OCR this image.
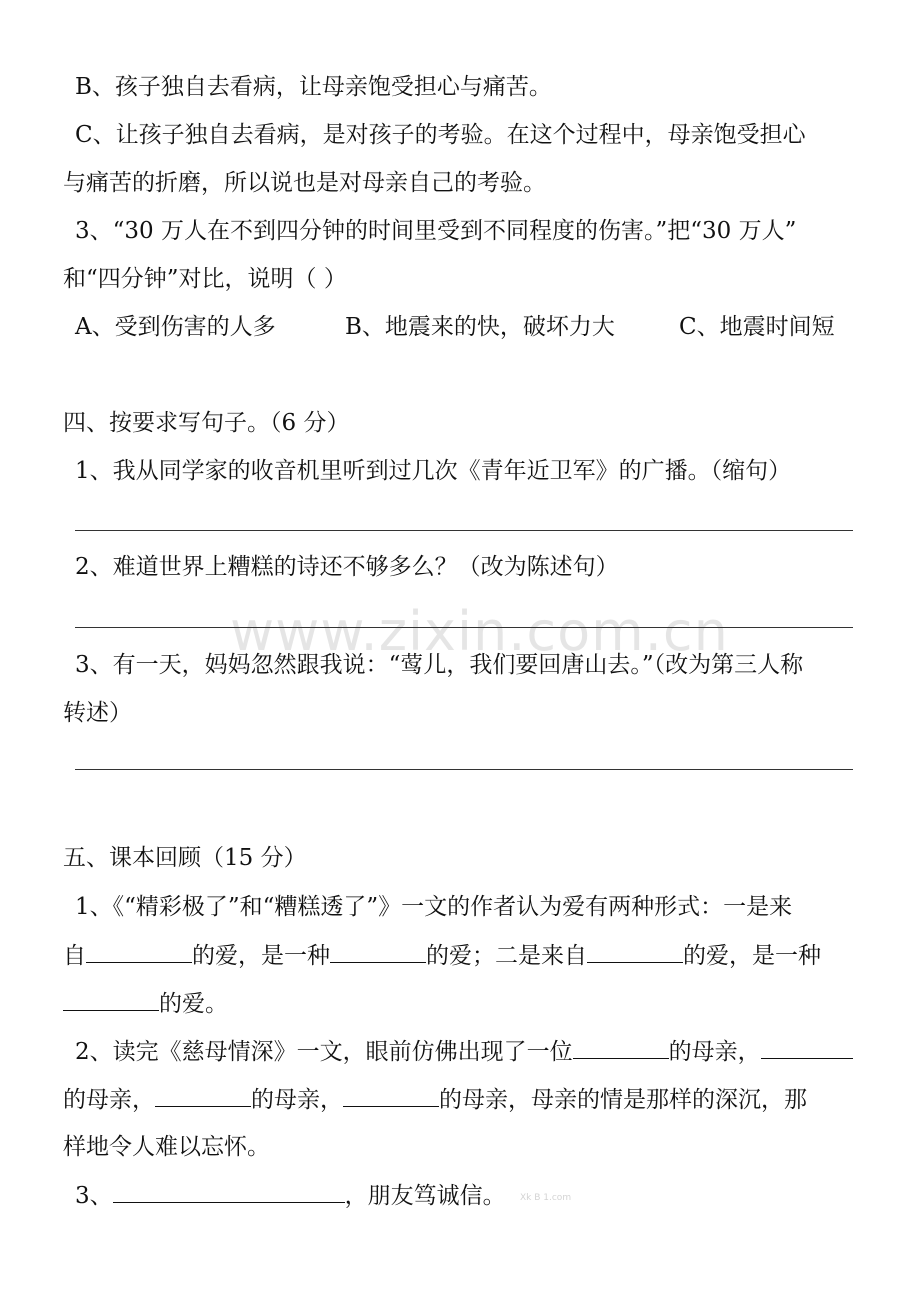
www.zixin.com.cn
B、孩子独自去看病，让母亲饱受担心与痛苦。
C、让孩子独自去看病，是对孩子的考验。在这个过程中，母亲饱受担心
与痛苦的折磨，所以说也是对母亲自己的考验。
3、“30 万人在不到四分钟的时间里受到不同程度的伤害。”把“30 万人”
和“四分钟”对比，说明（ ）
A、受到伤害的人多	B、地震来的快，破坏力大	C、地震时间短
四、按要求写句子。（6 分）
1、我从同学家的收音机里听到过几次《青年近卫军》的广播。（缩句）
2、难道世界上糟糕的诗还不够多么？（改为陈述句）
3、有一天，妈妈忽然跟我说：“莺儿，我们要回唐山去。”（改为第三人称
转述）
五、课本回顾（15 分）
1、《“精彩极了”和“糟糕透了”》一文的作者认为爱有两种形式：一是来
自	的爱，是一种	的爱；二是来自	的爱，是一种
的爱。
2、读完《慈母情深》一文，眼前仿佛出现了一位	的母亲，
的母亲，	的母亲，	的母亲，母亲的情是那样的深沉，那
样地令人难以忘怀。
3、	，朋友笃诚信。 Xk B 1.com
